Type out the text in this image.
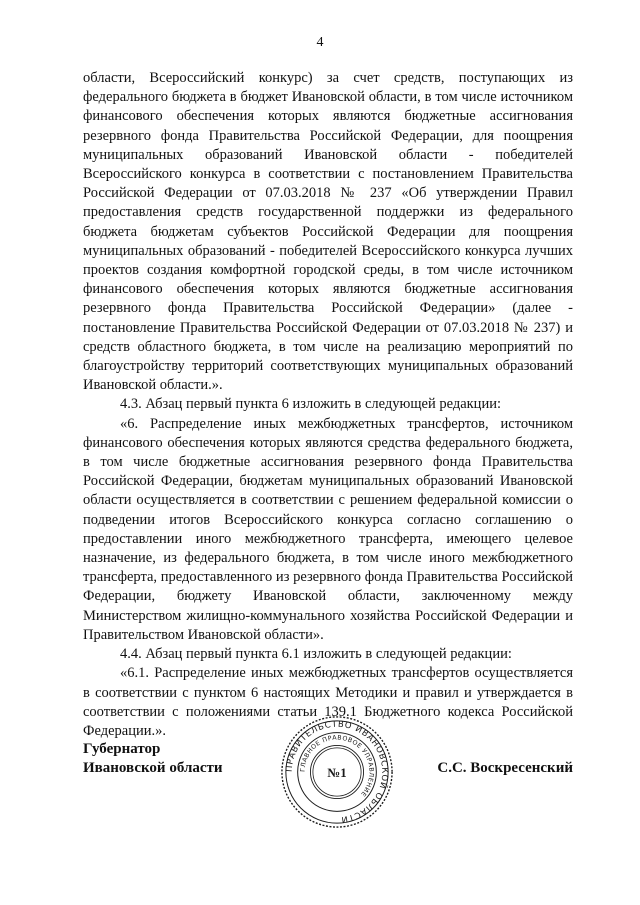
4

области, Всероссийский конкурс) за счет средств, поступающих из федерального бюджета в бюджет Ивановской области, в том числе источником финансового обеспечения которых являются бюджетные ассигнования резервного фонда Правительства Российской Федерации, для поощрения муниципальных образований Ивановской области - победителей Всероссийского конкурса в соответствии с постановлением Правительства Российской Федерации от 07.03.2018 № 237 «Об утверждении Правил предоставления средств государственной поддержки из федерального бюджета бюджетам субъектов Российской Федерации для поощрения муниципальных образований - победителей Всероссийского конкурса лучших проектов создания комфортной городской среды, в том числе источником финансового обеспечения которых являются бюджетные ассигнования резервного фонда Правительства Российской Федерации» (далее - постановление Правительства Российской Федерации от 07.03.2018 № 237) и средств областного бюджета, в том числе на реализацию мероприятий по благоустройству территорий соответствующих муниципальных образований Ивановской области.».

4.3. Абзац первый пункта 6 изложить в следующей редакции:

«6. Распределение иных межбюджетных трансфертов, источником финансового обеспечения которых являются средства федерального бюджета, в том числе бюджетные ассигнования резервного фонда Правительства Российской Федерации, бюджетам муниципальных образований Ивановской области осуществляется в соответствии с решением федеральной комиссии о подведении итогов Всероссийского конкурса согласно соглашению о предоставлении иного межбюджетного трансферта, имеющего целевое назначение, из федерального бюджета, в том числе иного межбюджетного трансферта, предоставленного из резервного фонда Правительства Российской Федерации, бюджету Ивановской области, заключенному между Министерством жилищно-коммунального хозяйства Российской Федерации и Правительством Ивановской области».

4.4. Абзац первый пункта 6.1 изложить в следующей редакции:

«6.1. Распределение иных межбюджетных трансфертов осуществляется в соответствии с пунктом 6 настоящих Методики и правил и утверждается в соответствии с положениями статьи 139.1 Бюджетного кодекса Российской Федерации.».

Губернатор
Ивановской области	ПРАВИТЕЛЬСТВО ИВАНОВСКОЙ ОБЛАСТИ
ГЛАВНОЕ ПРАВОВОЕ УПРАВЛЕНИЕ
№1	С.С. Воскресенский
